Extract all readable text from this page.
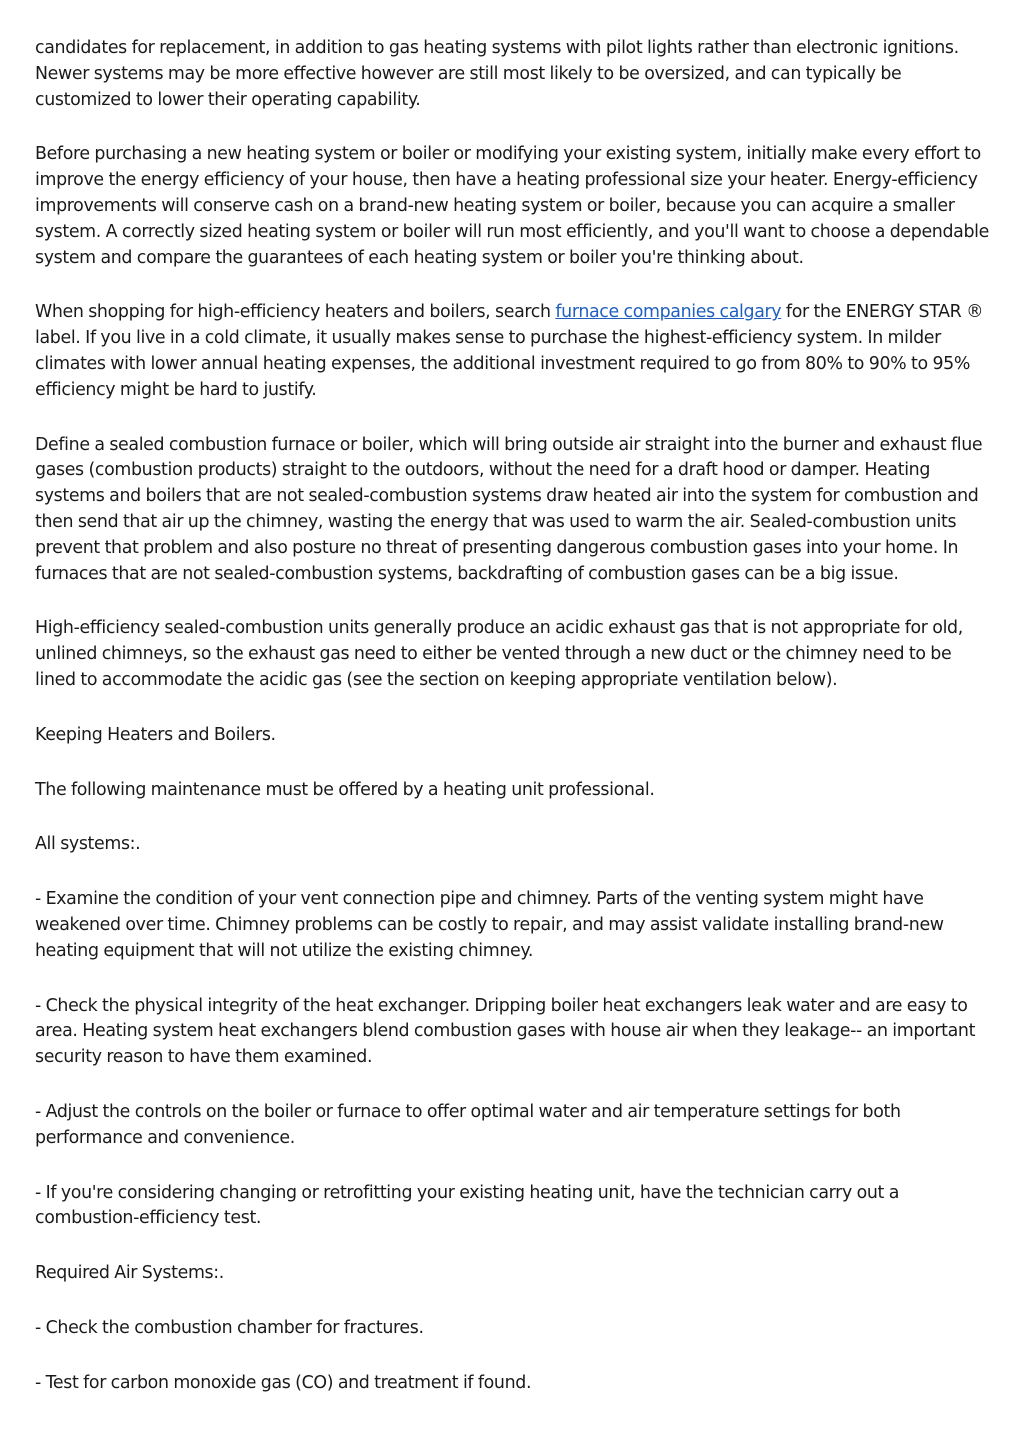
candidates for replacement, in addition to gas heating systems with pilot lights rather than electronic ignitions. Newer systems may be more effective however are still most likely to be oversized, and can typically be customized to lower their operating capability.

Before purchasing a new heating system or boiler or modifying your existing system, initially make every effort to improve the energy efficiency of your house, then have a heating professional size your heater. Energy-efficiency improvements will conserve cash on a brand-new heating system or boiler, because you can acquire a smaller system. A correctly sized heating system or boiler will run most efficiently, and you'll want to choose a dependable system and compare the guarantees of each heating system or boiler you're thinking about.

When shopping for high-efficiency heaters and boilers, search furnace companies calgary for the ENERGY STAR ® label. If you live in a cold climate, it usually makes sense to purchase the highest-efficiency system. In milder climates with lower annual heating expenses, the additional investment required to go from 80% to 90% to 95% efficiency might be hard to justify.

Define a sealed combustion furnace or boiler, which will bring outside air straight into the burner and exhaust flue gases (combustion products) straight to the outdoors, without the need for a draft hood or damper. Heating systems and boilers that are not sealed-combustion systems draw heated air into the system for combustion and then send that air up the chimney, wasting the energy that was used to warm the air. Sealed-combustion units prevent that problem and also posture no threat of presenting dangerous combustion gases into your home. In furnaces that are not sealed-combustion systems, backdrafting of combustion gases can be a big issue.

High-efficiency sealed-combustion units generally produce an acidic exhaust gas that is not appropriate for old, unlined chimneys, so the exhaust gas need to either be vented through a new duct or the chimney need to be lined to accommodate the acidic gas (see the section on keeping appropriate ventilation below).

Keeping Heaters and Boilers.

The following maintenance must be offered by a heating unit professional.

All systems:.

- Examine the condition of your vent connection pipe and chimney. Parts of the venting system might have weakened over time. Chimney problems can be costly to repair, and may assist validate installing brand-new heating equipment that will not utilize the existing chimney.

- Check the physical integrity of the heat exchanger. Dripping boiler heat exchangers leak water and are easy to area. Heating system heat exchangers blend combustion gases with house air when they leakage-- an important security reason to have them examined.

- Adjust the controls on the boiler or furnace to offer optimal water and air temperature settings for both performance and convenience.

- If you're considering changing or retrofitting your existing heating unit, have the technician carry out a combustion-efficiency test.

Required Air Systems:.

- Check the combustion chamber for fractures.

- Test for carbon monoxide gas (CO) and treatment if found.
